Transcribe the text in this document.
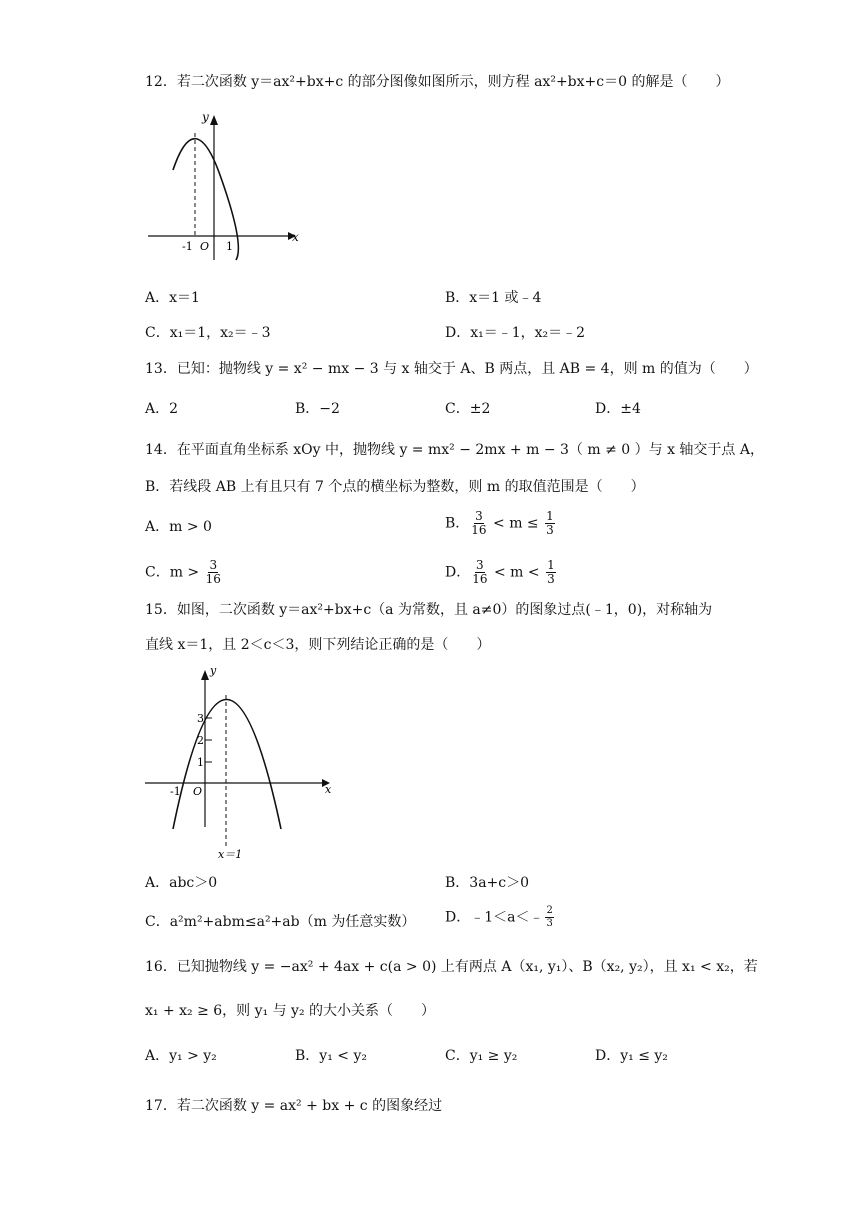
12．若二次函数 y＝ax²+bx+c 的部分图像如图所示，则方程 ax²+bx+c＝0 的解是（　　）
y
x
-1 O 1
A．x＝1	B．x＝1 或﹣4
C．x₁＝1，x₂＝﹣3	D．x₁＝﹣1，x₂＝﹣2
13．已知：抛物线 y = x² − mx − 3 与 x 轴交于 A、B 两点，且 AB = 4，则 m 的值为（　　）
A．2	B．−2	C．±2	D．±4
14．在平面直角坐标系 xOy 中，抛物线 y = mx² − 2mx + m − 3（ m ≠ 0 ）与 x 轴交于点 A，
B．若线段 AB 上有且只有 7 个点的横坐标为整数，则 m 的取值范围是（　　）
A．m > 0	B． $\frac{3}{16} < m \le \frac{1}{3}$
C．$m > \frac{3}{16}$	D． $\frac{3}{16} < m < \frac{1}{3}$
15．如图，二次函数 y＝ax²+bx+c（a 为常数，且 a≠0）的图象过点(﹣1，0)，对称轴为
直线 x＝1，且 2＜c＜3，则下列结论正确的是（　　）
y
x
3
2
1
-1 O
x＝1
A．abc＞0	B．3a+c＞0
C．a²m²+abm≤a²+ab（m 为任意实数） D．﹣1＜a＜﹣ $\frac{2}{3}$
16．已知抛物线 y = −ax² + 4ax + c(a > 0) 上有两点 A（x₁, y₁）、B（x₂, y₂），且 x₁ < x₂，若
x₁ + x₂ ≥ 6，则 y₁ 与 y₂ 的大小关系（　　）
A．y₁ > y₂	B．y₁ < y₂	C．y₁ ≥ y₂	D．y₁ ≤ y₂
17．若二次函数 y = ax² + bx + c 的图象经过
